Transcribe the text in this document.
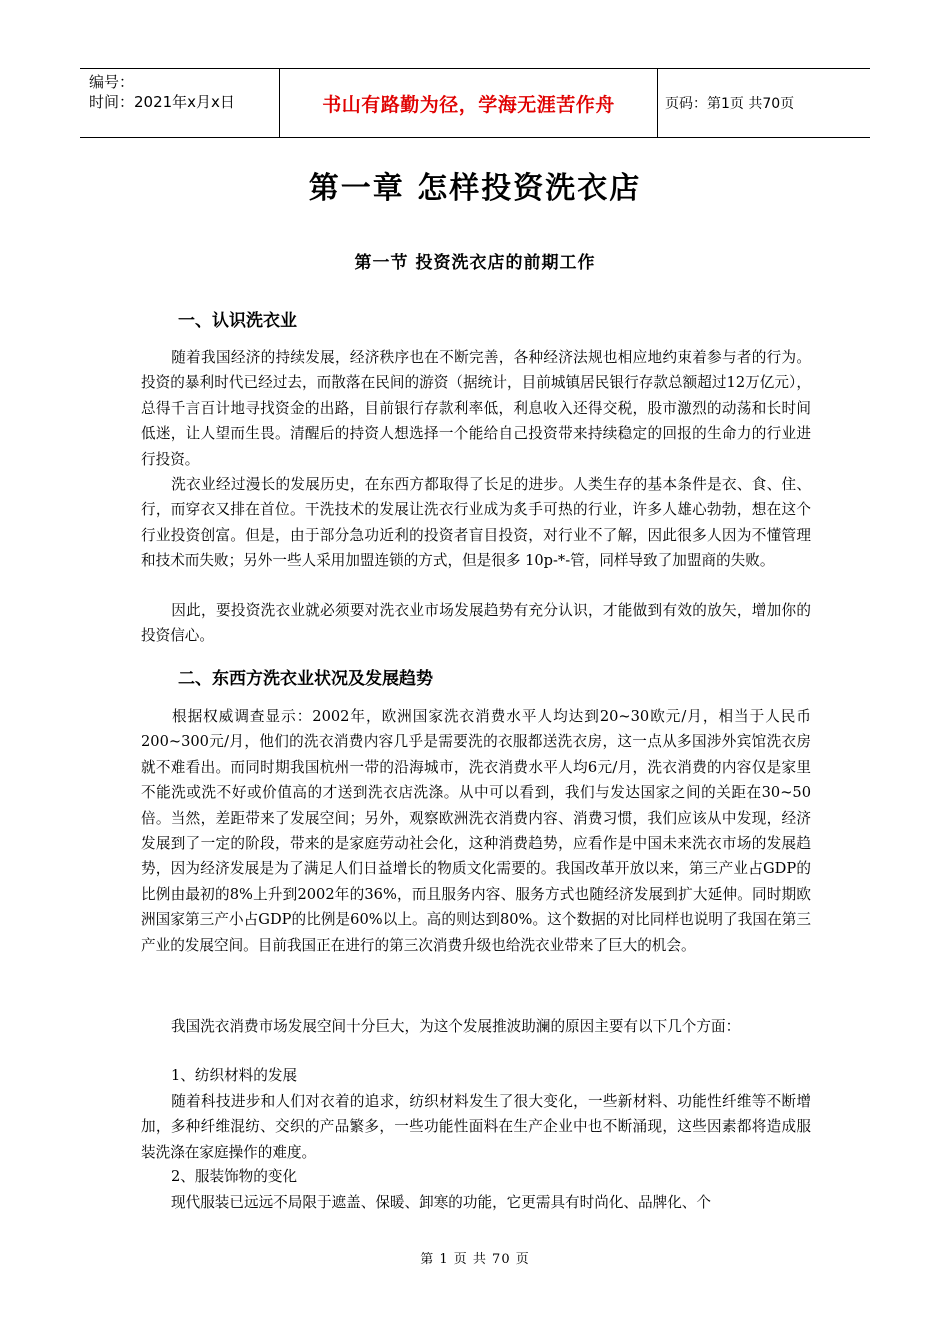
编号：
时间：2021年x月x日	书山有路勤为径，学海无涯苦作舟	页码：第1页 共70页
第一章 怎样投资洗衣店
第一节 投资洗衣店的前期工作
一、认识洗衣业
随着我国经济的持续发展，经济秩序也在不断完善，各种经济法规也相应地约束着参与者的行为。投资的暴利时代已经过去，而散落在民间的游资（据统计，目前城镇居民银行存款总额超过12万亿元），总得千言百计地寻找资金的出路，目前银行存款利率低，利息收入还得交税，股市激烈的动荡和长时间低迷，让人望而生畏。清醒后的持资人想选择一个能给自己投资带来持续稳定的回报的生命力的行业进行投资。
洗衣业经过漫长的发展历史，在东西方都取得了长足的进步。人类生存的基本条件是衣、食、住、行，而穿衣又排在首位。干洗技术的发展让洗衣行业成为炙手可热的行业，许多人雄心勃勃，想在这个行业投资创富。但是，由于部分急功近利的投资者盲目投资，对行业不了解，因此很多人因为不懂管理和技术而失败；另外一些人采用加盟连锁的方式，但是很多 10p-*-管，同样导致了加盟商的失败。
因此，要投资洗衣业就必须要对洗衣业市场发展趋势有充分认识，才能做到有效的放矢，增加你的投资信心。
二、东西方洗衣业状况及发展趋势
根据权威调查显示：2002年，欧洲国家洗衣消费水平人均达到20~30欧元/月，相当于人民币200~300元/月，他们的洗衣消费内容几乎是需要洗的衣服都送洗衣房，这一点从多国涉外宾馆洗衣房就不难看出。而同时期我国杭州一带的沿海城市，洗衣消费水平人均6元/月，洗衣消费的内容仅是家里不能洗或洗不好或价值高的才送到洗衣店洗涤。从中可以看到，我们与发达国家之间的关距在30~50倍。当然，差距带来了发展空间；另外，观察欧洲洗衣消费内容、消费习惯，我们应该从中发现，经济发展到了一定的阶段，带来的是家庭劳动社会化，这种消费趋势，应看作是中国未来洗衣市场的发展趋势，因为经济发展是为了满足人们日益增长的物质文化需要的。我国改革开放以来，第三产业占GDP的比例由最初的8%上升到2002年的36%，而且服务内容、服务方式也随经济发展到扩大延伸。同时期欧洲国家第三产小占GDP的比例是60%以上。高的则达到80%。这个数据的对比同样也说明了我国在第三产业的发展空间。目前我国正在进行的第三次消费升级也给洗衣业带来了巨大的机会。
我国洗衣消费市场发展空间十分巨大，为这个发展推波助澜的原因主要有以下几个方面：
1、纺织材料的发展
随着科技进步和人们对衣着的追求，纺织材料发生了很大变化，一些新材料、功能性纤维等不断增加，多种纤维混纺、交织的产品繁多，一些功能性面料在生产企业中也不断涌现，这些因素都将造成服装洗涤在家庭操作的难度。
2、服装饰物的变化
现代服装已远远不局限于遮盖、保暖、卸寒的功能，它更需具有时尚化、品牌化、个
第 1 页 共 70 页
